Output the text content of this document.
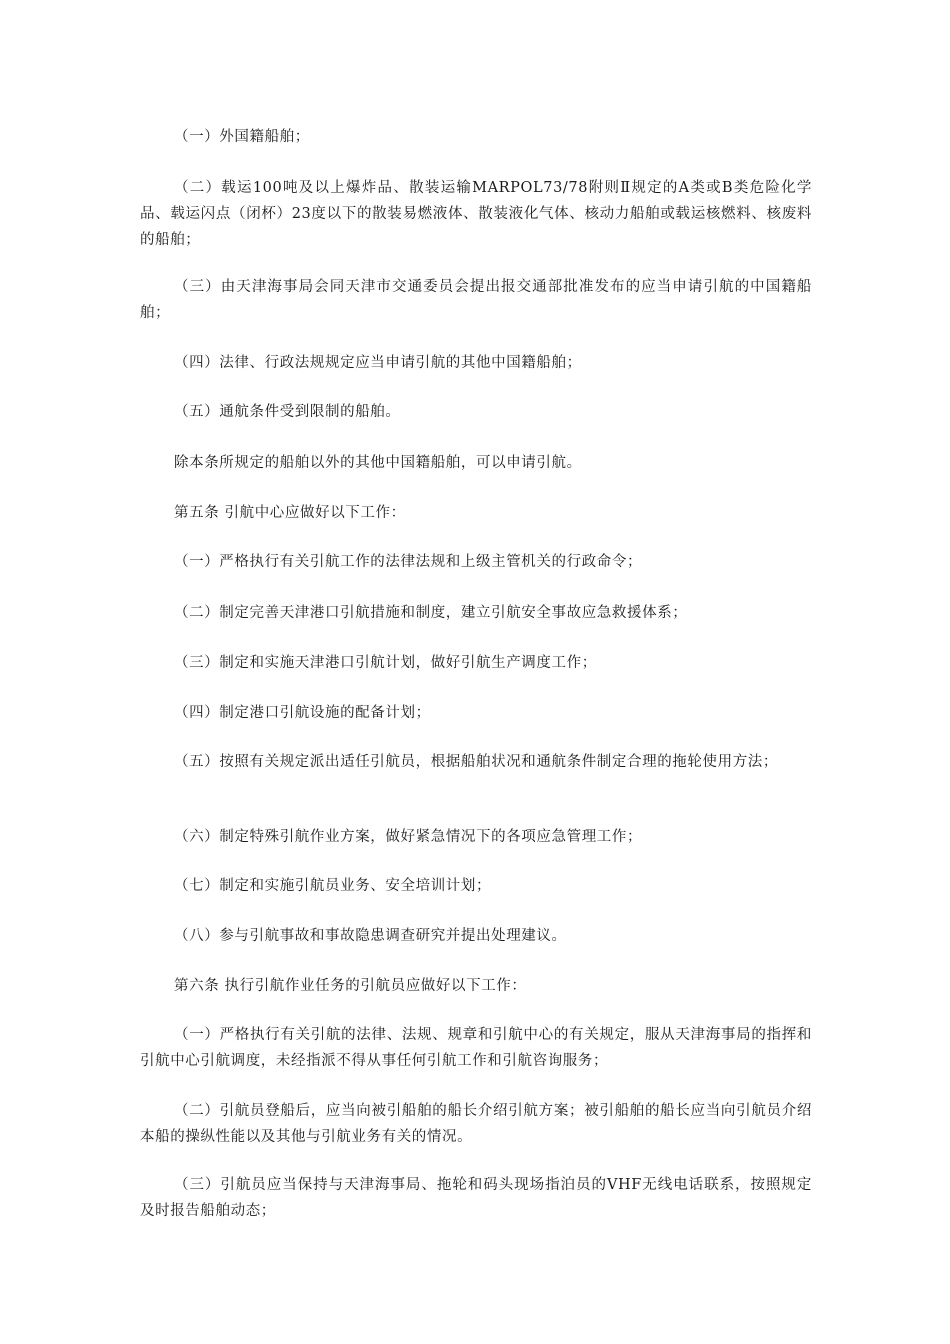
（一）外国籍船舶；

（二）载运100吨及以上爆炸品、散装运输MARPOL73/78附则Ⅱ规定的A类或B类危险化学品、载运闪点（闭杯）23度以下的散装易燃液体、散装液化气体、核动力船舶或载运核燃料、核废料的船舶；

（三）由天津海事局会同天津市交通委员会提出报交通部批准发布的应当申请引航的中国籍船舶；

（四）法律、行政法规规定应当申请引航的其他中国籍船舶；

（五）通航条件受到限制的船舶。

除本条所规定的船舶以外的其他中国籍船舶，可以申请引航。

第五条 引航中心应做好以下工作：

（一）严格执行有关引航工作的法律法规和上级主管机关的行政命令；

（二）制定完善天津港口引航措施和制度，建立引航安全事故应急救援体系；

（三）制定和实施天津港口引航计划，做好引航生产调度工作；

（四）制定港口引航设施的配备计划；

（五）按照有关规定派出适任引航员，根据船舶状况和通航条件制定合理的拖轮使用方法；

（六）制定特殊引航作业方案，做好紧急情况下的各项应急管理工作；

（七）制定和实施引航员业务、安全培训计划；

（八）参与引航事故和事故隐患调查研究并提出处理建议。

第六条 执行引航作业任务的引航员应做好以下工作：

（一）严格执行有关引航的法律、法规、规章和引航中心的有关规定，服从天津海事局的指挥和引航中心引航调度，未经指派不得从事任何引航工作和引航咨询服务；

（二）引航员登船后，应当向被引船舶的船长介绍引航方案；被引船舶的船长应当向引航员介绍本船的操纵性能以及其他与引航业务有关的情况。

（三）引航员应当保持与天津海事局、拖轮和码头现场指泊员的VHF无线电话联系，按照规定及时报告船舶动态；
